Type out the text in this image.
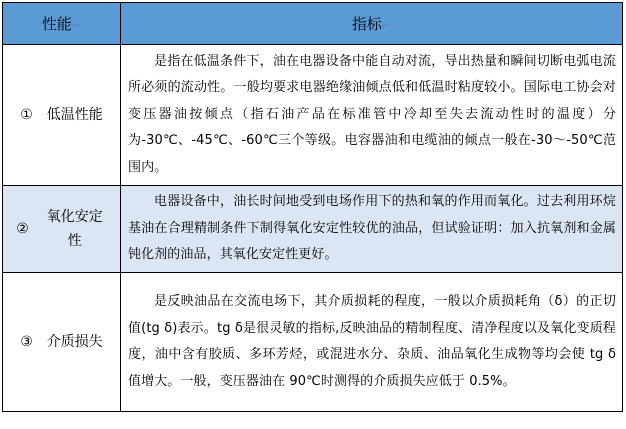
性能⌐	指标⌐

① 低温性能	是指在低温条件下，油在电器设备中能自动对流，导出热量和瞬间切断电弧电流所必须的流动性。一般均要求电器绝缘油倾点低和低温时粘度较小。国际电工协会对变压器油按倾点（指石油产品在标准管中冷却至失去流动性时的温度）分为-30℃、-45℃、-60℃三个等级。电容器油和电缆油的倾点一般在-30～-50℃范围内。

②
氧化安定性	电器设备中，油长时间地受到电场作用下的热和氧的作用而氧化。过去利用环烷基油在合理精制条件下制得氧化安定性较优的油品，但试验证明：加入抗氧剂和金属钝化剂的油品，其氧化安定性更好。

③ 介质损失	是反映油品在交流电场下，其介质损耗的程度，一般以介质损耗角（δ）的正切值(tg δ)表示。tg δ是很灵敏的指标,反映油品的精制程度、清净程度以及氧化变质程度，油中含有胶质、多环芳烃，或混进水分、杂质、油品氧化生成物等均会使 tg δ值增大。一般，变压器油在 90℃时测得的介质损失应低于 0.5%。
